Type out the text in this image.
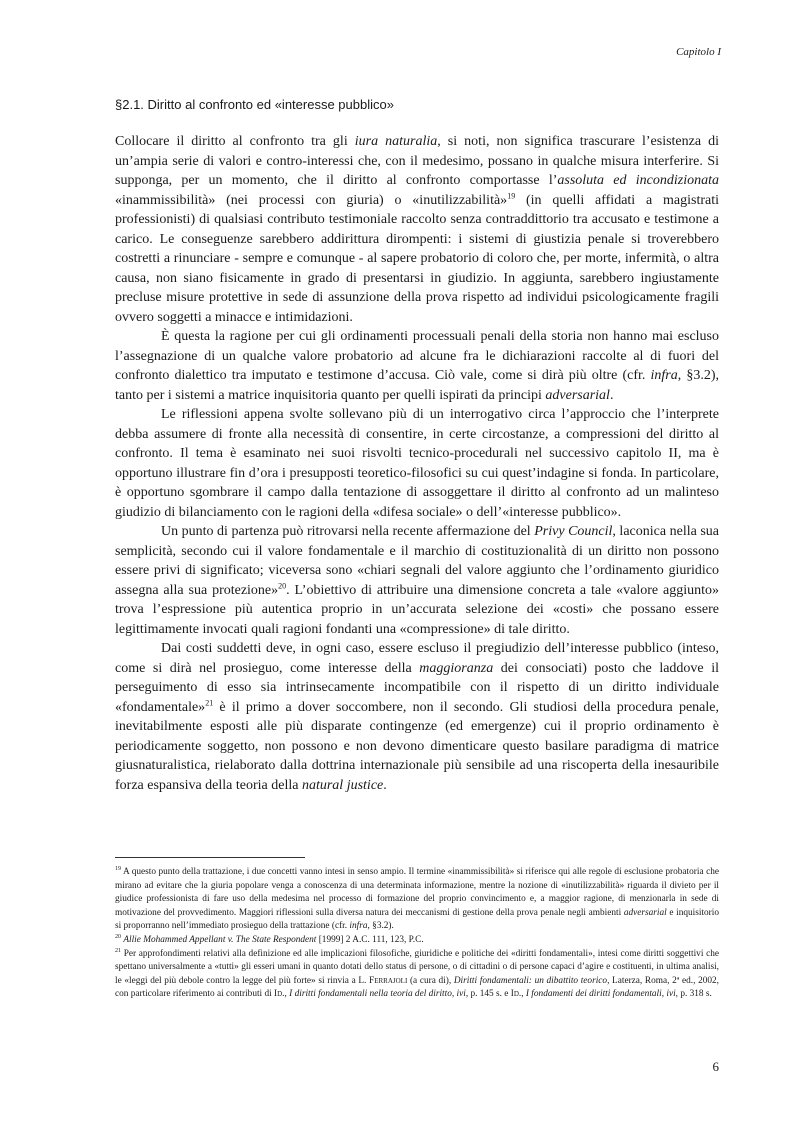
Capitolo I
§2.1. Diritto al confronto ed «interesse pubblico»

Collocare il diritto al confronto tra gli iura naturalia, si noti, non significa trascurare l’esistenza di un’ampia serie di valori e contro-interessi che, con il medesimo, possano in qualche misura interferire. Si supponga, per un momento, che il diritto al confronto comportasse l’assoluta ed incondizionata «inammissibilità» (nei processi con giuria) o «inutilizzabilità»$^{19}$ (in quelli affidati a magistrati professionisti) di qualsiasi contributo testimoniale raccolto senza contraddittorio tra accusato e testimone a carico. Le conseguenze sarebbero addirittura dirompenti: i sistemi di giustizia penale si troverebbero costretti a rinunciare - sempre e comunque - al sapere probatorio di coloro che, per morte, infermità, o altra causa, non siano fisicamente in grado di presentarsi in giudizio. In aggiunta, sarebbero ingiustamente precluse misure protettive in sede di assunzione della prova rispetto ad individui psicologicamente fragili ovvero soggetti a minacce e intimidazioni.

È questa la ragione per cui gli ordinamenti processuali penali della storia non hanno mai escluso l’assegnazione di un qualche valore probatorio ad alcune fra le dichiarazioni raccolte al di fuori del confronto dialettico tra imputato e testimone d’accusa. Ciò vale, come si dirà più oltre (cfr. infra, §3.2), tanto per i sistemi a matrice inquisitoria quanto per quelli ispirati da principi adversarial.

Le riflessioni appena svolte sollevano più di un interrogativo circa l’approccio che l’interprete debba assumere di fronte alla necessità di consentire, in certe circostanze, a compressioni del diritto al confronto. Il tema è esaminato nei suoi risvolti tecnico-procedurali nel successivo capitolo II, ma è opportuno illustrare fin d’ora i presupposti teoretico-filosofici su cui quest’indagine si fonda. In particolare, è opportuno sgombrare il campo dalla tentazione di assoggettare il diritto al confronto ad un malinteso giudizio di bilanciamento con le ragioni della «difesa sociale» o dell’«interesse pubblico».

Un punto di partenza può ritrovarsi nella recente affermazione del Privy Council, laconica nella sua semplicità, secondo cui il valore fondamentale e il marchio di costituzionalità di un diritto non possono essere privi di significato; viceversa sono «chiari segnali del valore aggiunto che l’ordinamento giuridico assegna alla sua protezione»$^{20}$. L’obiettivo di attribuire una dimensione concreta a tale «valore aggiunto» trova l’espressione più autentica proprio in un’accurata selezione dei «costi» che possano essere legittimamente invocati quali ragioni fondanti una «compressione» di tale diritto.

Dai costi suddetti deve, in ogni caso, essere escluso il pregiudizio dell’interesse pubblico (inteso, come si dirà nel prosieguo, come interesse della maggioranza dei consociati) posto che laddove il perseguimento di esso sia intrinsecamente incompatibile con il rispetto di un diritto individuale «fondamentale»$^{21}$ è il primo a dover soccombere, non il secondo. Gli studiosi della procedura penale, inevitabilmente esposti alle più disparate contingenze (ed emergenze) cui il proprio ordinamento è periodicamente soggetto, non possono e non devono dimenticare questo basilare paradigma di matrice giusnaturalistica, rielaborato dalla dottrina internazionale più sensibile ad una riscoperta della inesauribile forza espansiva della teoria della natural justice.

$^{19}$ A questo punto della trattazione, i due concetti vanno intesi in senso ampio. Il termine «inammissibilità» si riferisce qui alle regole di esclusione probatoria che mirano ad evitare che la giuria popolare venga a conoscenza di una determinata informazione, mentre la nozione di «inutilizzabilità» riguarda il divieto per il giudice professionista di fare uso della medesima nel processo di formazione del proprio convincimento e, a maggior ragione, di menzionarla in sede di motivazione del provvedimento. Maggiori riflessioni sulla diversa natura dei meccanismi di gestione della prova penale negli ambienti adversarial e inquisitorio si proporranno nell’immediato prosieguo della trattazione (cfr. infra, §3.2).

$^{20}$ Allie Mohammed Appellant v. The State Respondent [1999] 2 A.C. 111, 123, P.C.

$^{21}$ Per approfondimenti relativi alla definizione ed alle implicazioni filosofiche, giuridiche e politiche dei «diritti fondamentali», intesi come diritti soggettivi che spettano universalmente a «tutti» gli esseri umani in quanto dotati dello status di persone, o di cittadini o di persone capaci d’agire e costituenti, in ultima analisi, le «leggi del più debole contro la legge del più forte» si rinvia a L. Ferrajoli (a cura di), Diritti fondamentali: un dibattito teorico, Laterza, Roma, 2ª ed., 2002, con particolare riferimento ai contributi di Id., I diritti fondamentali nella teoria del diritto, ivi, p. 145 s. e Id., I fondamenti dei diritti fondamentali, ivi, p. 318 s.

6
